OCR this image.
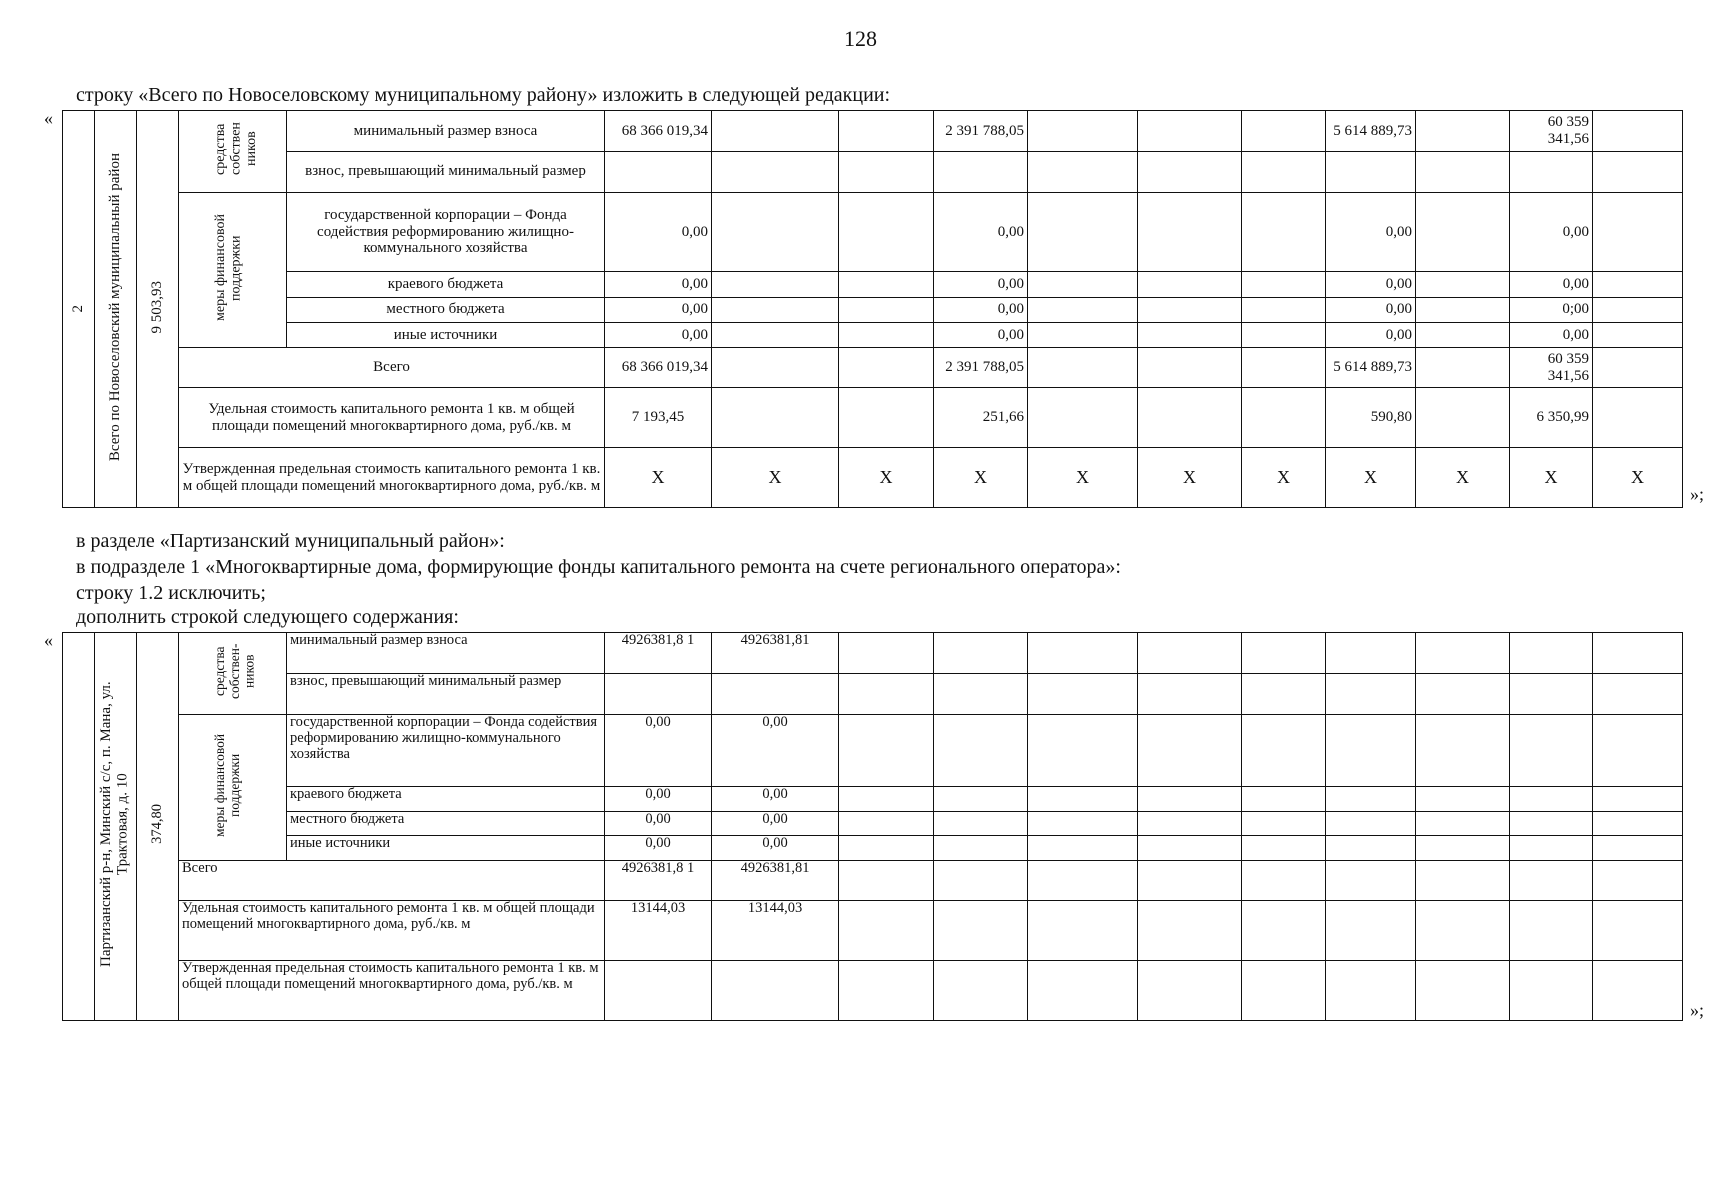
128
строку «Всего по Новоселовскому муниципальному району» изложить в следующей редакции:
«
»;
2	Всего по Новоселовский муниципальный район	9 503,93	средства собствен ников	минимальный размер взноса	68 366 019,34			2 391 788,05				5 614 889,73		60 359 341,56	
				взнос, превышающий минимальный размер											
			меры финансовой поддержки	государственной корпорации – Фонда содействия реформированию жилищно-коммунального хозяйства	0,00			0,00				0,00		0,00	
				краевого бюджета	0,00			0,00				0,00		0,00	
				местного бюджета	0,00			0,00				0,00		0;00	
				иные источники	0,00			0,00				0,00		0,00	
			Всего		68 366 019,34			2 391 788,05				5 614 889,73		60 359 341,56	
			Удельная стоимость капитального ремонта 1 кв. м общей площади помещений многоквартирного дома, руб./кв. м		7 193,45			251,66				590,80		6 350,99	
			Утвержденная предельная стоимость капитального ремонта 1 кв. м общей площади помещений многоквартирного дома, руб./кв. м		X	X	X	X	X	X	X	X	X	X	X
в разделе «Партизанский муниципальный район»:
в подразделе 1 «Многоквартирные дома, формирующие фонды капитального ремонта на счете регионального оператора»:
строку 1.2 исключить;
дополнить строкой следующего содержания:
«
»;
	Партизанский р-н, Минский с/с, п. Мана, ул. Трактовая, д. 10	374,80	средства собствен- ников	минимальный размер взноса	4926381,8 1	4926381,81									
				взнос, превышающий минимальный размер											
			меры финансовой поддержки	государственной корпорации – Фонда содействия реформированию жилищно-коммунального хозяйства	0,00	0,00									
				краевого бюджета	0,00	0,00									
				местного бюджета	0,00	0,00									
				иные источники	0,00	0,00									
			Всего		4926381,8 1	4926381,81									
			Удельная стоимость капитального ремонта 1 кв. м общей площади помещений многоквартирного дома, руб./кв. м		13144,03	13144,03									
			Утвержденная предельная стоимость капитального ремонта 1 кв. м общей площади помещений многоквартирного дома, руб./кв. м												
